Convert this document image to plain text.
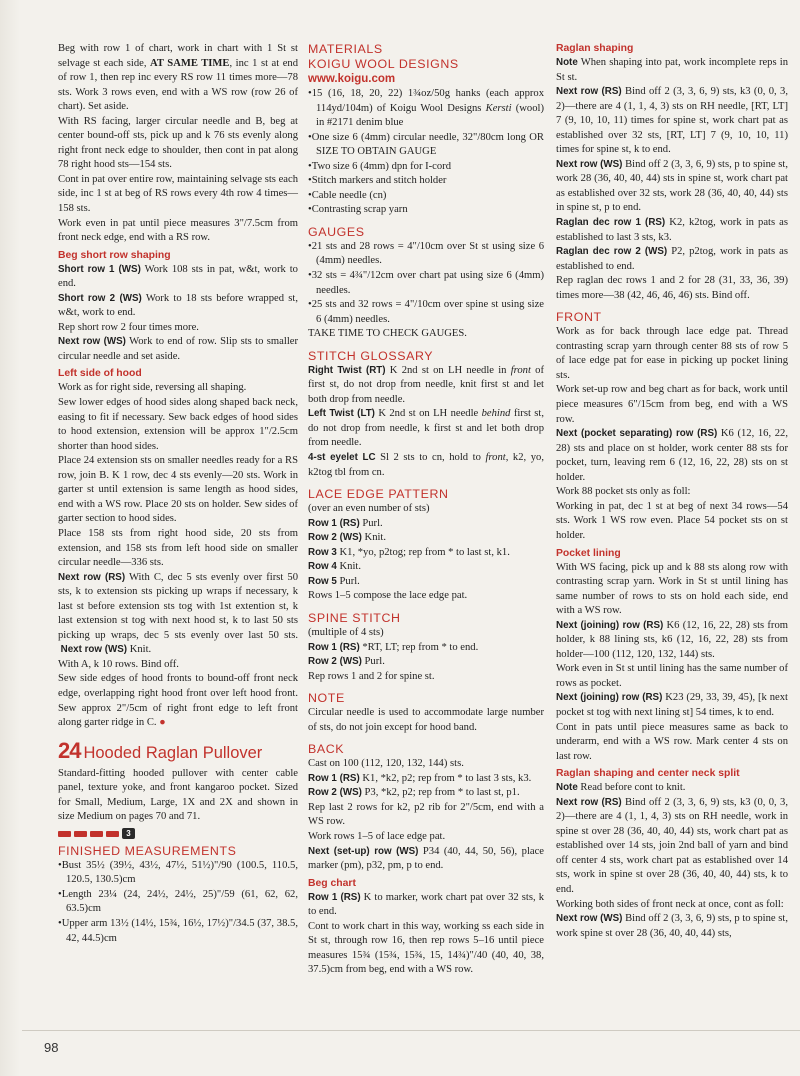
Beg with row 1 of chart, work in chart with 1 St st selvage st each side, AT SAME TIME, inc 1 st at end of row 1, then rep inc every RS row 11 times more—78 sts. Work 3 rows even, end with a WS row (row 26 of chart). Set aside.

With RS facing, larger circular needle and B, beg at center bound-off sts, pick up and k 76 sts evenly along right front neck edge to shoulder, then cont in pat along 78 right hood sts—154 sts.

Cont in pat over entire row, maintaining selvage sts each side, inc 1 st at beg of RS rows every 4th row 4 times—158 sts.

Work even in pat until piece measures 3"/7.5cm from front neck edge, end with a RS row.

Beg short row shaping

Short row 1 (WS) Work 108 sts in pat, w&t, work to end.

Short row 2 (WS) Work to 18 sts before wrapped st, w&t, work to end.

Rep short row 2 four times more.

Next row (WS) Work to end of row. Slip sts to smaller circular needle and set aside.

Left side of hood

Work as for right side, reversing all shaping.

Sew lower edges of hood sides along shaped back neck, easing to fit if necessary. Sew back edges of hood sides to hood extension, extension will be approx 1"/2.5cm shorter than hood sides.

Place 24 extension sts on smaller needles ready for a RS row, join B. K 1 row, dec 4 sts evenly—20 sts. Work in garter st until extension is same length as hood sides, end with a WS row. Place 20 sts on holder. Sew sides of garter section to hood sides.

Place 158 sts from right hood side, 20 sts from extension, and 158 sts from left hood side on smaller circular needle—336 sts.

Next row (RS) With C, dec 5 sts evenly over first 50 sts, k to extension sts picking up wraps if necessary, k last st before extension sts tog with 1st extention st, k last extension st tog with next hood st, k to last 50 sts picking up wraps, dec 5 sts evenly over last 50 sts.  Next row (WS) Knit.

With A, k 10 rows. Bind off.

Sew side edges of hood fronts to bound-off front neck edge, overlapping right hood front over left hood front. Sew approx 2"/5cm of right front edge to left front along garter ridge in C. ●

24 Hooded Raglan Pullover

Standard-fitting hooded pullover with center cable panel, texture yoke, and front kangaroo pocket. Sized for Small, Medium, Large, 1X and 2X and shown in size Medium on pages 70 and 71.

3
FINISHED MEASUREMENTS

• Bust 35½ (39½, 43½, 47½, 51½)"/90 (100.5, 110.5, 120.5, 130.5)cm

• Length 23¼ (24, 24½, 24½, 25)"/59 (61, 62, 62, 63.5)cm

• Upper arm 13½ (14½, 15¾, 16½, 17½)"/34.5 (37, 38.5, 42, 44.5)cm

MATERIALS
KOIGU WOOL DESIGNS
www.koigu.com

• 15 (16, 18, 20, 22) 1¾oz/50g hanks (each approx 114yd/104m) of Koigu Wool Designs Kersti (wool) in #2171 denim blue

• One size 6 (4mm) circular needle, 32"/80cm long OR SIZE TO OBTAIN GAUGE

• Two size 6 (4mm) dpn for I-cord

• Stitch markers and stitch holder

• Cable needle (cn)

• Contrasting scrap yarn

GAUGES

• 21 sts and 28 rows = 4"/10cm over St st using size 6 (4mm) needles.

• 32 sts = 4¾"/12cm over chart pat using size 6 (4mm) needles.

• 25 sts and 32 rows = 4"/10cm over spine st using size 6 (4mm) needles.

TAKE TIME TO CHECK GAUGES.

STITCH GLOSSARY

Right Twist (RT) K 2nd st on LH needle in front of first st, do not drop from needle, knit first st and let both drop from needle.

Left Twist (LT) K 2nd st on LH needle behind first st, do not drop from needle, k first st and let both drop from needle.

4-st eyelet LC Sl 2 sts to cn, hold to front, k2, yo, k2tog tbl from cn.

LACE EDGE PATTERN

(over an even number of sts)

Row 1 (RS) Purl.

Row 2 (WS) Knit.

Row 3 K1, *yo, p2tog; rep from * to last st, k1.

Row 4 Knit.

Row 5 Purl.

Rows 1–5 compose the lace edge pat.

SPINE STITCH

(multiple of 4 sts)

Row 1 (RS) *RT, LT; rep from * to end.

Row 2 (WS) Purl.

Rep rows 1 and 2 for spine st.

NOTE

Circular needle is used to accommodate large number of sts, do not join except for hood band.

BACK

Cast on 100 (112, 120, 132, 144) sts.

Row 1 (RS) K1, *k2, p2; rep from * to last 3 sts, k3.

Row 2 (WS) P3, *k2, p2; rep from * to last st, p1.

Rep last 2 rows for k2, p2 rib for 2"/5cm, end with a WS row.

Work rows 1–5 of lace edge pat.

Next (set-up) row (WS) P34 (40, 44, 50, 56), place marker (pm), p32, pm, p to end.

Beg chart

Row 1 (RS) K to marker, work chart pat over 32 sts, k to end.

Cont to work chart in this way, working ss each side in St st, through row 16, then rep rows 5–16 until piece measures 15¾ (15¾, 15¾, 15, 14¾)"/40 (40, 40, 38, 37.5)cm from beg, end with a WS row.

Raglan shaping

Note When shaping into pat, work incomplete reps in St st.

Next row (RS) Bind off 2 (3, 3, 6, 9) sts, k3 (0, 0, 3, 2)—there are 4 (1, 1, 4, 3) sts on RH needle, [RT, LT] 7 (9, 10, 10, 11) times for spine st, work chart pat as established over 32 sts, [RT, LT] 7 (9, 10, 10, 11) times for spine st, k to end.

Next row (WS) Bind off 2 (3, 3, 6, 9) sts, p to spine st, work 28 (36, 40, 40, 44) sts in spine st, work chart pat as established over 32 sts, work 28 (36, 40, 40, 44) sts in spine st, p to end.

Raglan dec row 1 (RS) K2, k2tog, work in pats as established to last 3 sts, k3.

Raglan dec row 2 (WS) P2, p2tog, work in pats as established to end.

Rep raglan dec rows 1 and 2 for 28 (31, 33, 36, 39) times more—38 (42, 46, 46, 46) sts. Bind off.

FRONT

Work as for back through lace edge pat. Thread contrasting scrap yarn through center 88 sts of row 5 of lace edge pat for ease in picking up pocket lining sts.

Work set-up row and beg chart as for back, work until piece measures 6"/15cm from beg, end with a WS row.

Next (pocket separating) row (RS) K6 (12, 16, 22, 28) sts and place on st holder, work center 88 sts for pocket, turn, leaving rem 6 (12, 16, 22, 28) sts on st holder.

Work 88 pocket sts only as foll:

Working in pat, dec 1 st at beg of next 34 rows—54 sts. Work 1 WS row even. Place 54 pocket sts on st holder.

Pocket lining

With WS facing, pick up and k 88 sts along row with contrasting scrap yarn. Work in St st until lining has same number of rows to sts on hold each side, end with a WS row.

Next (joining) row (RS) K6 (12, 16, 22, 28) sts from holder, k 88 lining sts, k6 (12, 16, 22, 28) sts from holder—100 (112, 120, 132, 144) sts.

Work even in St st until lining has the same number of rows as pocket.

Next (joining) row (RS) K23 (29, 33, 39, 45), [k next pocket st tog with next lining st] 54 times, k to end.

Cont in pats until piece measures same as back to underarm, end with a WS row. Mark center 4 sts on last row.

Raglan shaping and center neck split

Note Read before cont to knit.

Next row (RS) Bind off 2 (3, 3, 6, 9) sts, k3 (0, 0, 3, 2)—there are 4 (1, 1, 4, 3) sts on RH needle, work in spine st over 28 (36, 40, 40, 44) sts, work chart pat as established over 14 sts, join 2nd ball of yarn and bind off center 4 sts, work chart pat as established over 14 sts, work in spine st over 28 (36, 40, 40, 44) sts, k to end.

Working both sides of front neck at once, cont as foll:

Next row (WS) Bind off 2 (3, 3, 6, 9) sts, p to spine st, work spine st over 28 (36, 40, 40, 44) sts,

98
